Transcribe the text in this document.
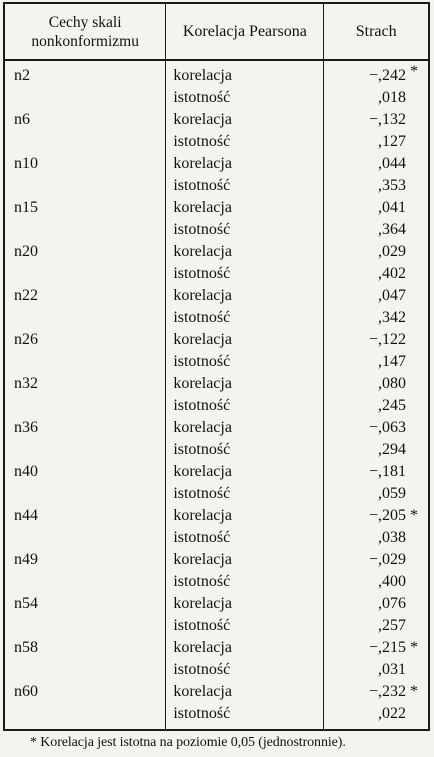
Cechy skali
nonkonformizmu	Korelacja Pearsona	Strach
n2	korelacja	−,242 *

	istotność	,018
n6	korelacja	−,132

	istotność	,127
n10	korelacja	,044

	istotność	,353
n15	korelacja	,041

	istotność	,364
n20	korelacja	,029

	istotność	,402
n22	korelacja	,047

	istotność	,342
n26	korelacja	−,122

	istotność	,147
n32	korelacja	,080

	istotność	,245
n36	korelacja	−,063

	istotność	,294
n40	korelacja	−,181

	istotność	,059
n44	korelacja	−,205 *

	istotność	,038
n49	korelacja	−,029

	istotność	,400
n54	korelacja	,076

	istotność	,257
n58	korelacja	−,215 *

	istotność	,031
n60	korelacja	−,232 *

	istotność	,022
* Korelacja jest istotna na poziomie 0,05 (jednostronnie).
